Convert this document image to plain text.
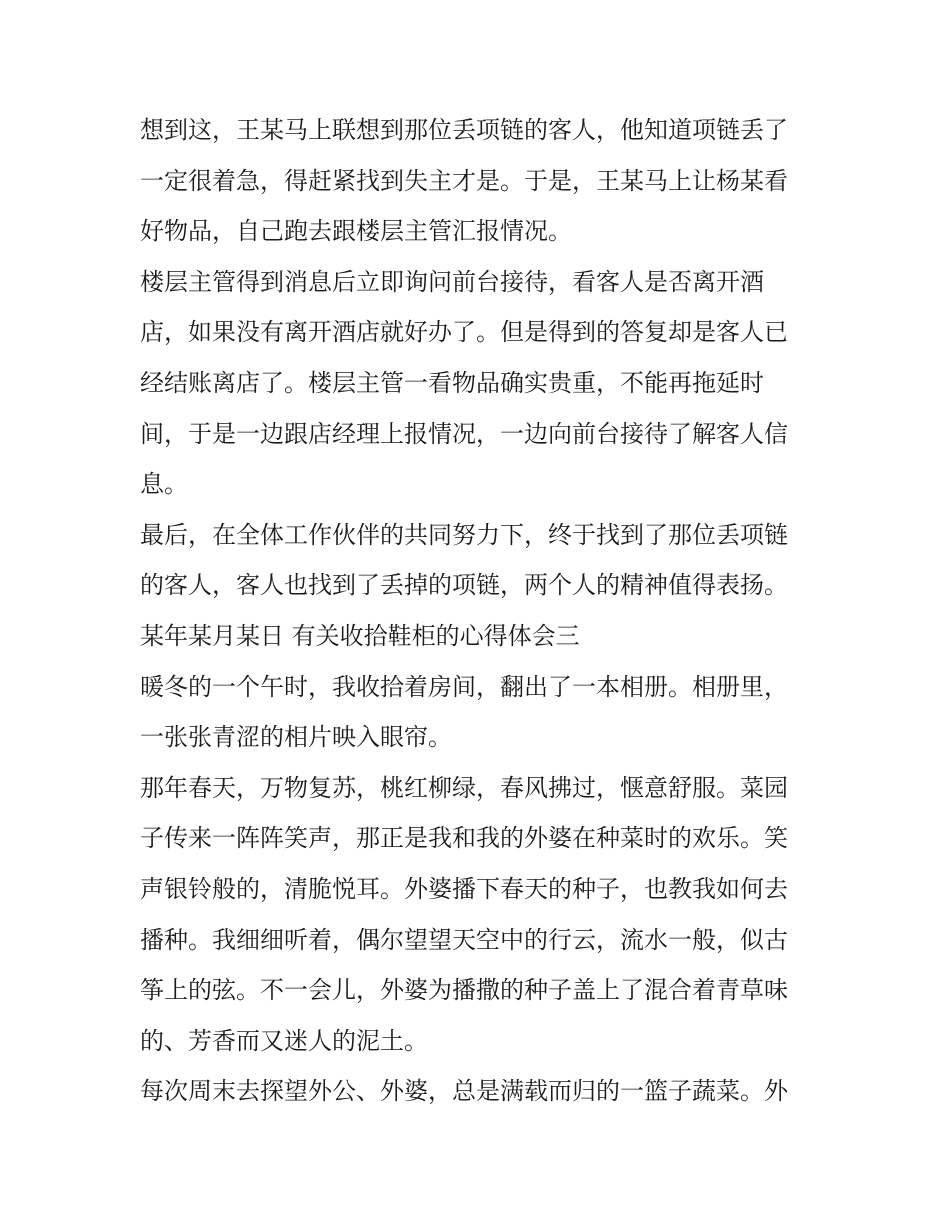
想到这，王某马上联想到那位丢项链的客人，他知道项链丢了
一定很着急，得赶紧找到失主才是。于是，王某马上让杨某看
好物品，自己跑去跟楼层主管汇报情况。
楼层主管得到消息后立即询问前台接待，看客人是否离开酒
店，如果没有离开酒店就好办了。但是得到的答复却是客人已
经结账离店了。楼层主管一看物品确实贵重，不能再拖延时
间，于是一边跟店经理上报情况，一边向前台接待了解客人信
息。
最后，在全体工作伙伴的共同努力下，终于找到了那位丢项链
的客人，客人也找到了丢掉的项链，两个人的精神值得表扬。
某年某月某日 有关收拾鞋柜的心得体会三
暖冬的一个午时，我收拾着房间，翻出了一本相册。相册里，
一张张青涩的相片映入眼帘。
那年春天，万物复苏，桃红柳绿，春风拂过，惬意舒服。菜园
子传来一阵阵笑声，那正是我和我的外婆在种菜时的欢乐。笑
声银铃般的，清脆悦耳。外婆播下春天的种子，也教我如何去
播种。我细细听着，偶尔望望天空中的行云，流水一般，似古
筝上的弦。不一会儿，外婆为播撒的种子盖上了混合着青草味
的、芳香而又迷人的泥土。
每次周末去探望外公、外婆，总是满载而归的一篮子蔬菜。外
